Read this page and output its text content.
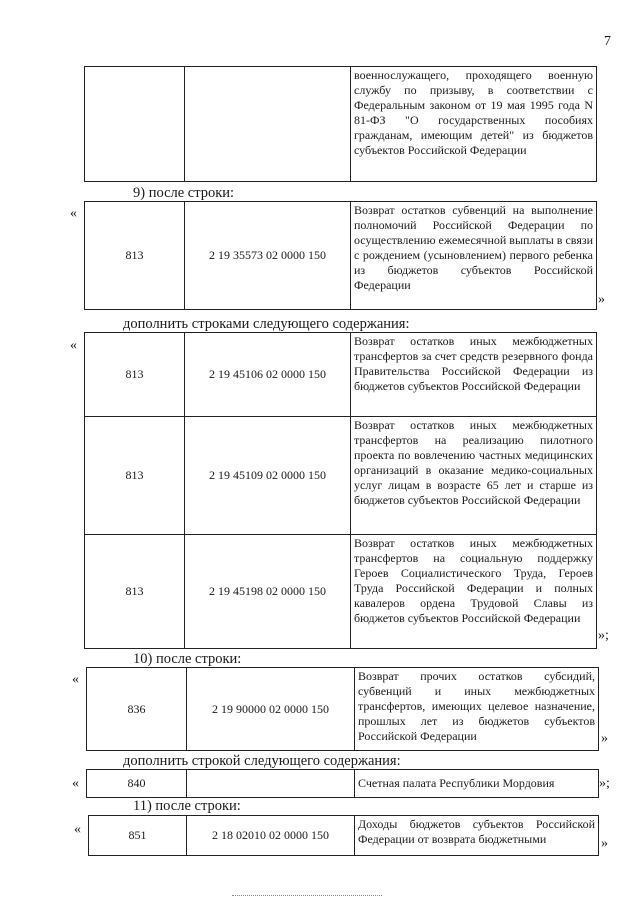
7

военнослужащего, проходящего военную службу по призыву, в соответствии с Федеральным законом от 19 мая 1995 года N 81-ФЗ "О государственных пособиях гражданам, имеющим детей" из бюджетов субъектов Российской Федерации
9) после строки:
«
813	2 19 35573 02 0000 150	
Возврат остатков субвенций на выполнение полномочий Российской Федерации по осуществлению ежемесячной выплаты в связи с рождением (усыновлением) первого ребенка из бюджетов субъектов Российской Федерации
»
дополнить строками следующего содержания:
«
813	2 19 45106 02 0000 150	Возврат остатков иных межбюджетных трансфертов за счет средств резервного фонда Правительства Российской Федерации из бюджетов субъектов Российской Федерации

813	2 19 45109 02 0000 150	Возврат остатков иных межбюджетных трансфертов на реализацию пилотного проекта по вовлечению частных медицинских организаций в оказание медико-социальных услуг лицам в возрасте 65 лет и старше из бюджетов субъектов Российской Федерации

813	2 19 45198 02 0000 150	Возврат остатков иных межбюджетных трансфертов на социальную поддержку Героев Социалистического Труда, Героев Труда Российской Федерации и полных кавалеров ордена Трудовой Славы из бюджетов субъектов Российской Федерации
»;
10) после строки:
«
836	2 19 90000 02 0000 150	
Возврат прочих остатков субсидий, субвенций и иных межбюджетных трансфертов, имеющих целевое назначение, прошлых лет из бюджетов субъектов Российской Федерации	»
дополнить строкой следующего содержания:
«	840		Счетная палата Республики Мордовия	»;
11) после строки:
«	851	2 18 02010 02 0000 150	
Доходы бюджетов субъектов Российской Федерации от возврата бюджетными	»
